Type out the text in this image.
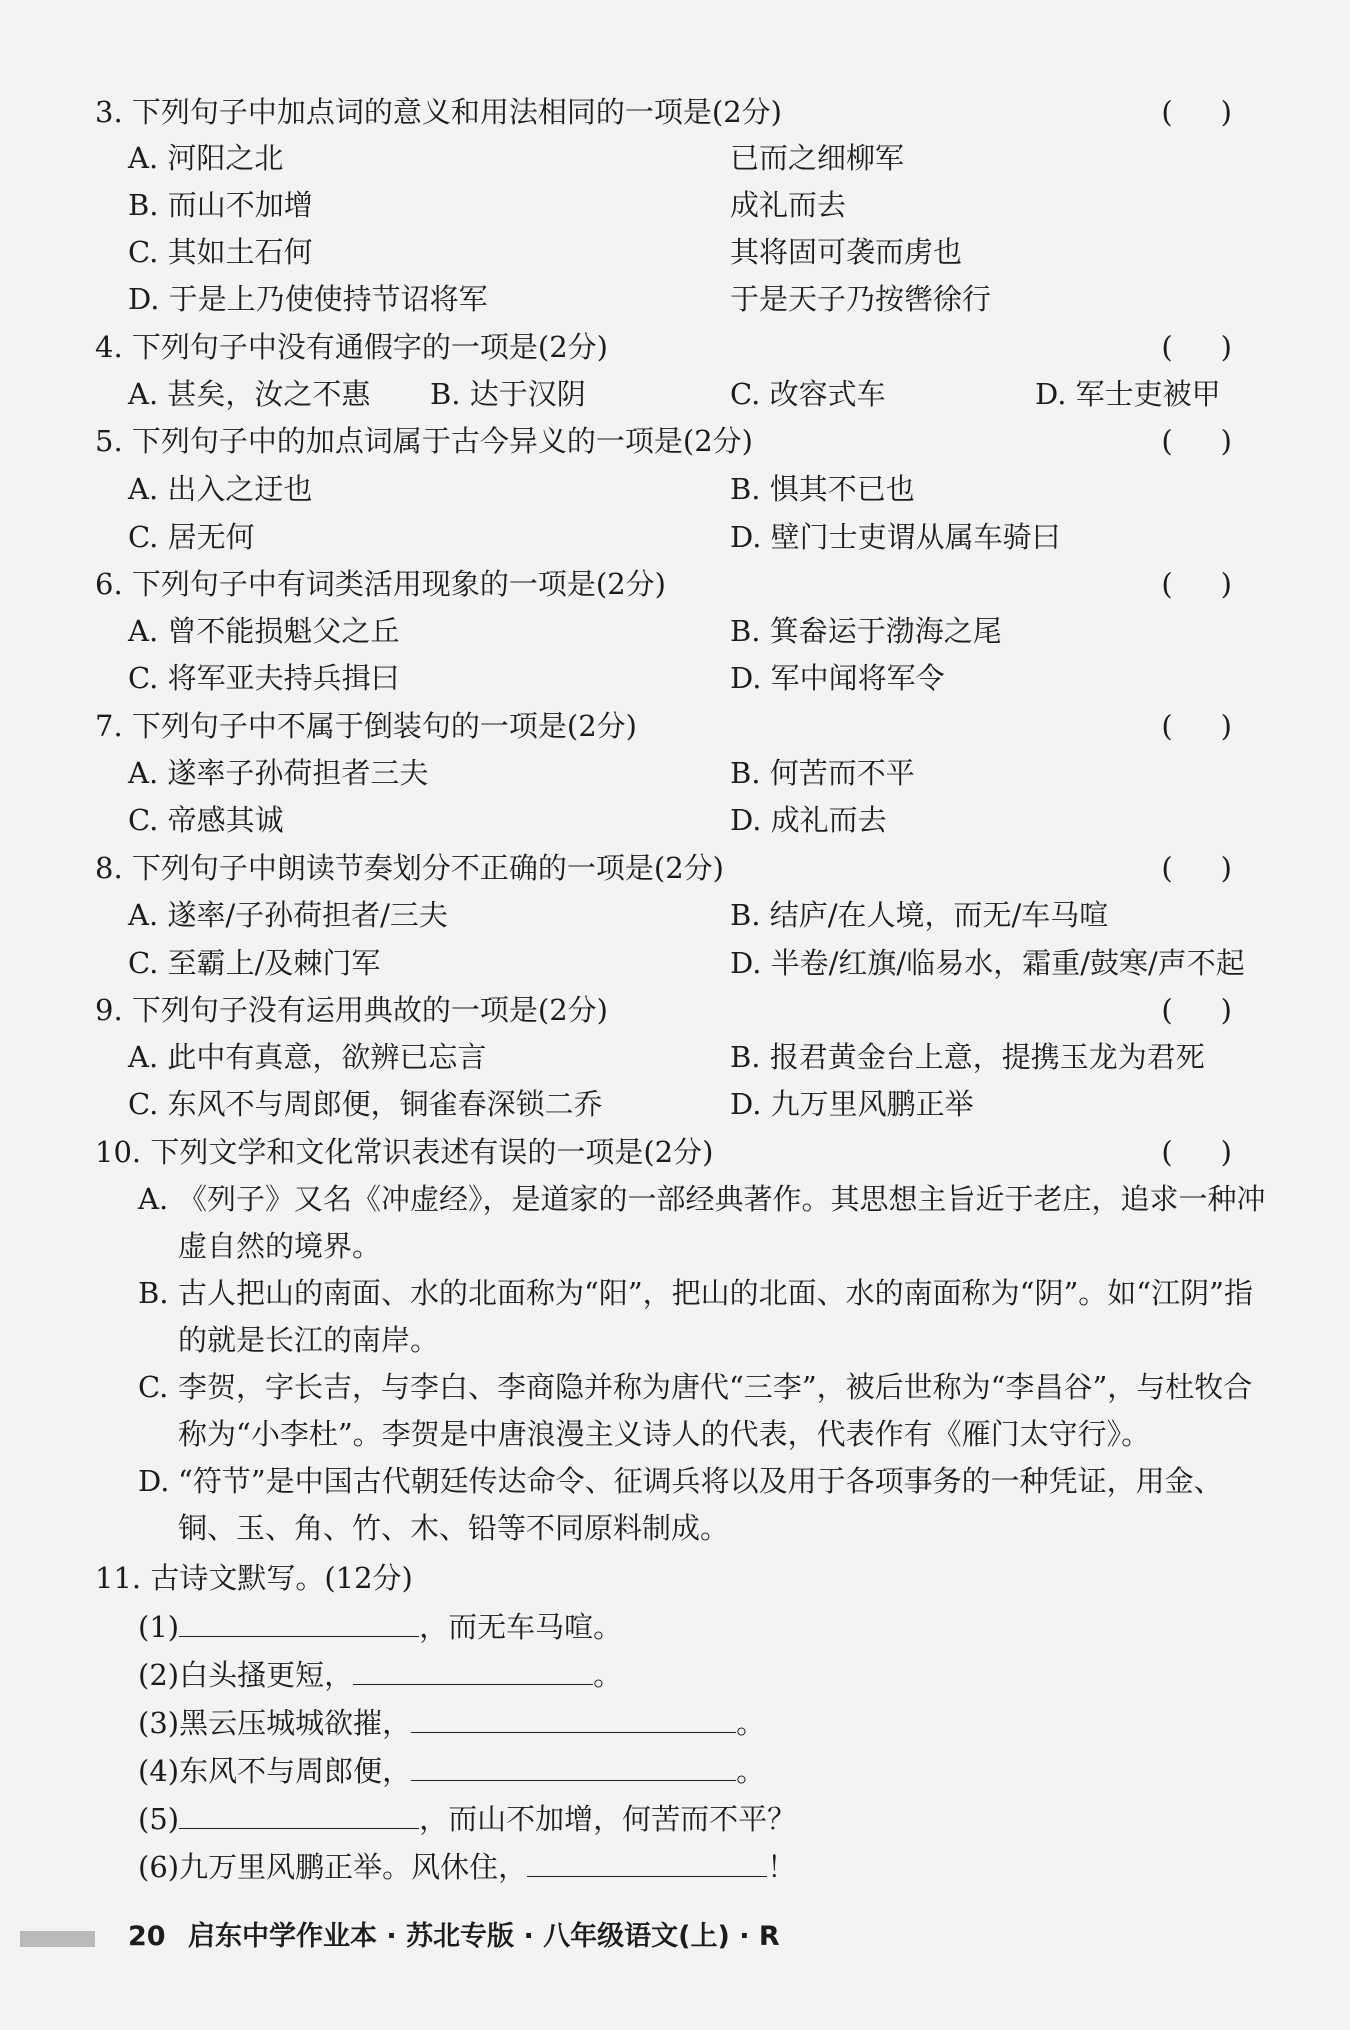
3. 下列句子中加点词的意义和用法相同的一项是(2分)	()
A. 河阳之北	已而之细柳军
B. 而山不加增	成礼而去
C. 其如土石何	其将固可袭而虏也
D. 于是上乃使使持节诏将军	于是天子乃按辔徐行
4. 下列句子中没有通假字的一项是(2分)	()
A. 甚矣，汝之不惠 B. 达于汉阴	C. 改容式车	D. 军士吏被甲
5. 下列句子中的加点词属于古今异义的一项是(2分)	()
A. 出入之迂也	B. 惧其不已也
C. 居无何	D. 壁门士吏谓从属车骑曰
6. 下列句子中有词类活用现象的一项是(2分)	()
A. 曾不能损魁父之丘	B. 箕畚运于渤海之尾
C. 将军亚夫持兵揖曰	D. 军中闻将军令
7. 下列句子中不属于倒装句的一项是(2分)	()
A. 遂率子孙荷担者三夫	B. 何苦而不平
C. 帝感其诚	D. 成礼而去
8. 下列句子中朗读节奏划分不正确的一项是(2分)	()
A. 遂率/子孙荷担者/三夫	B. 结庐/在人境，而无/车马喧
C. 至霸上/及棘门军	D. 半卷/红旗/临易水，霜重/鼓寒/声不起
9. 下列句子没有运用典故的一项是(2分)	()
A. 此中有真意，欲辨已忘言	B. 报君黄金台上意，提携玉龙为君死
C. 东风不与周郎便，铜雀春深锁二乔	D. 九万里风鹏正举
10. 下列文学和文化常识表述有误的一项是(2分)	()
A. 《列子》又名《冲虚经》，是道家的一部经典著作。其思想主旨近于老庄，追求一种冲虚自然的境界。
B. 古人把山的南面、水的北面称为“阳”，把山的北面、水的南面称为“阴”。如“江阴”指的就是长江的南岸。
C. 李贺，字长吉，与李白、李商隐并称为唐代“三李”，被后世称为“李昌谷”，与杜牧合称为“小李杜”。李贺是中唐浪漫主义诗人的代表，代表作有《雁门太守行》。
D. “符节”是中国古代朝廷传达命令、征调兵将以及用于各项事务的一种凭证，用金、铜、玉、角、竹、木、铅等不同原料制成。
11. 古诗文默写。(12分)
(1)	，而无车马喧。
(2)白头搔更短，	。
(3)黑云压城城欲摧，	。
(4)东风不与周郎便，	。
(5)	，而山不加增，何苦而不平？
(6)九万里风鹏正举。风休住，	！
20 启东中学作业本 · 苏北专版 · 八年级语文(上) · R
